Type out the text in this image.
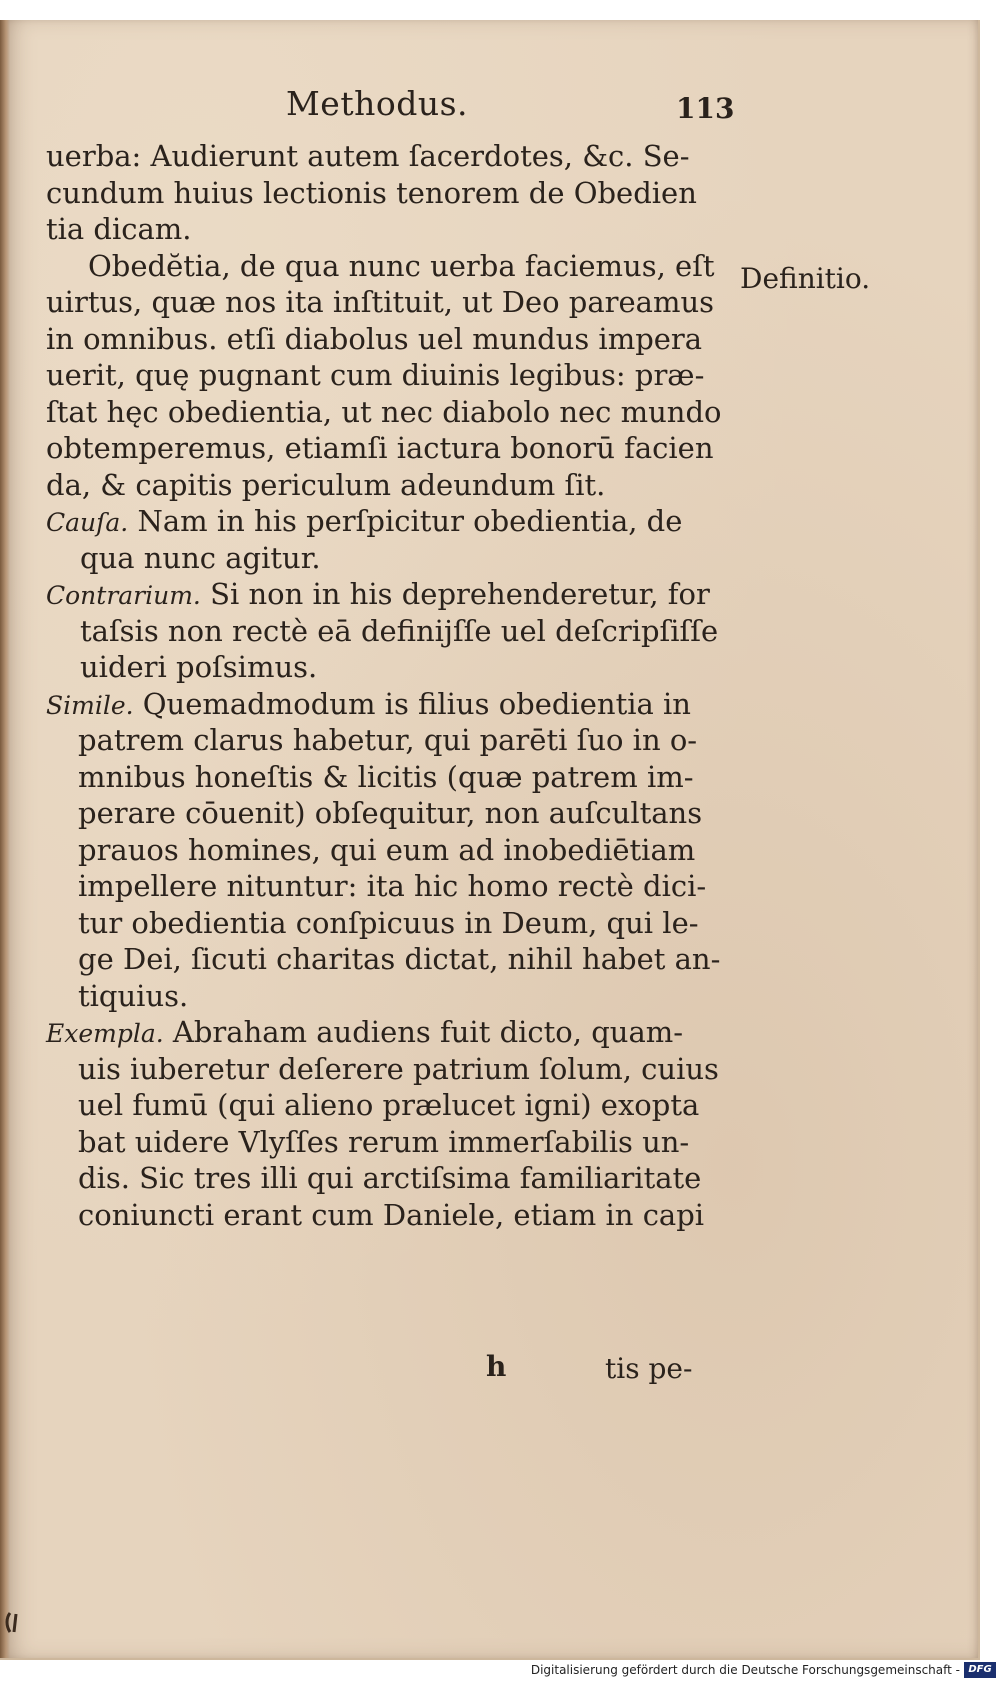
Methodus.	113
uerba: Audierunt autem ſacerdotes, &c. Se-
cundum huius lectionis tenorem de Obedien
tia dicam.
Obedĕtia, de qua nunc uerba faciemus, eſt
uirtus, quæ nos ita inſtituit, ut Deo pareamus
in omnibus. etſi diabolus uel mundus impera
uerit, quę pugnant cum diuinis legibus: præ-
ſtat hęc obedientia, ut nec diabolo nec mundo
obtemperemus, etiamſi iactura bonorū facien
da, & capitis periculum adeundum ſit.
Cauſa. Nam in his perſpicitur obedientia, de
qua nunc agitur.
Contrarium. Si non in his deprehenderetur, for
taſsis non rectè eā definijſſe uel deſcripſiſſe
uideri poſsimus.
Simile. Quemadmodum is filius obedientia in
patrem clarus habetur, qui parēti ſuo in o-
mnibus honeſtis & licitis (quæ patrem im-
perare cōuenit) obſequitur, non auſcultans
prauos homines, qui eum ad inobediētiam
impellere nituntur: ita hic homo rectè dici-
tur obedientia conſpicuus in Deum, qui le-
ge Dei, ſicuti charitas dictat, nihil habet an-
tiquius.
Exempla. Abraham audiens fuit dicto, quam-
uis iuberetur deſerere patrium ſolum, cuius
uel fumū (qui alieno prælucet igni) exopta
bat uidere Vlyſſes rerum immerſabilis un-
dis. Sic tres illi qui arctiſsima familiaritate
coniuncti erant cum Daniele, etiam in capi
Definitio.
h	tis pe-
Digitalisierung gefördert durch die Deutsche Forschungsgemeinschaft - DFG
